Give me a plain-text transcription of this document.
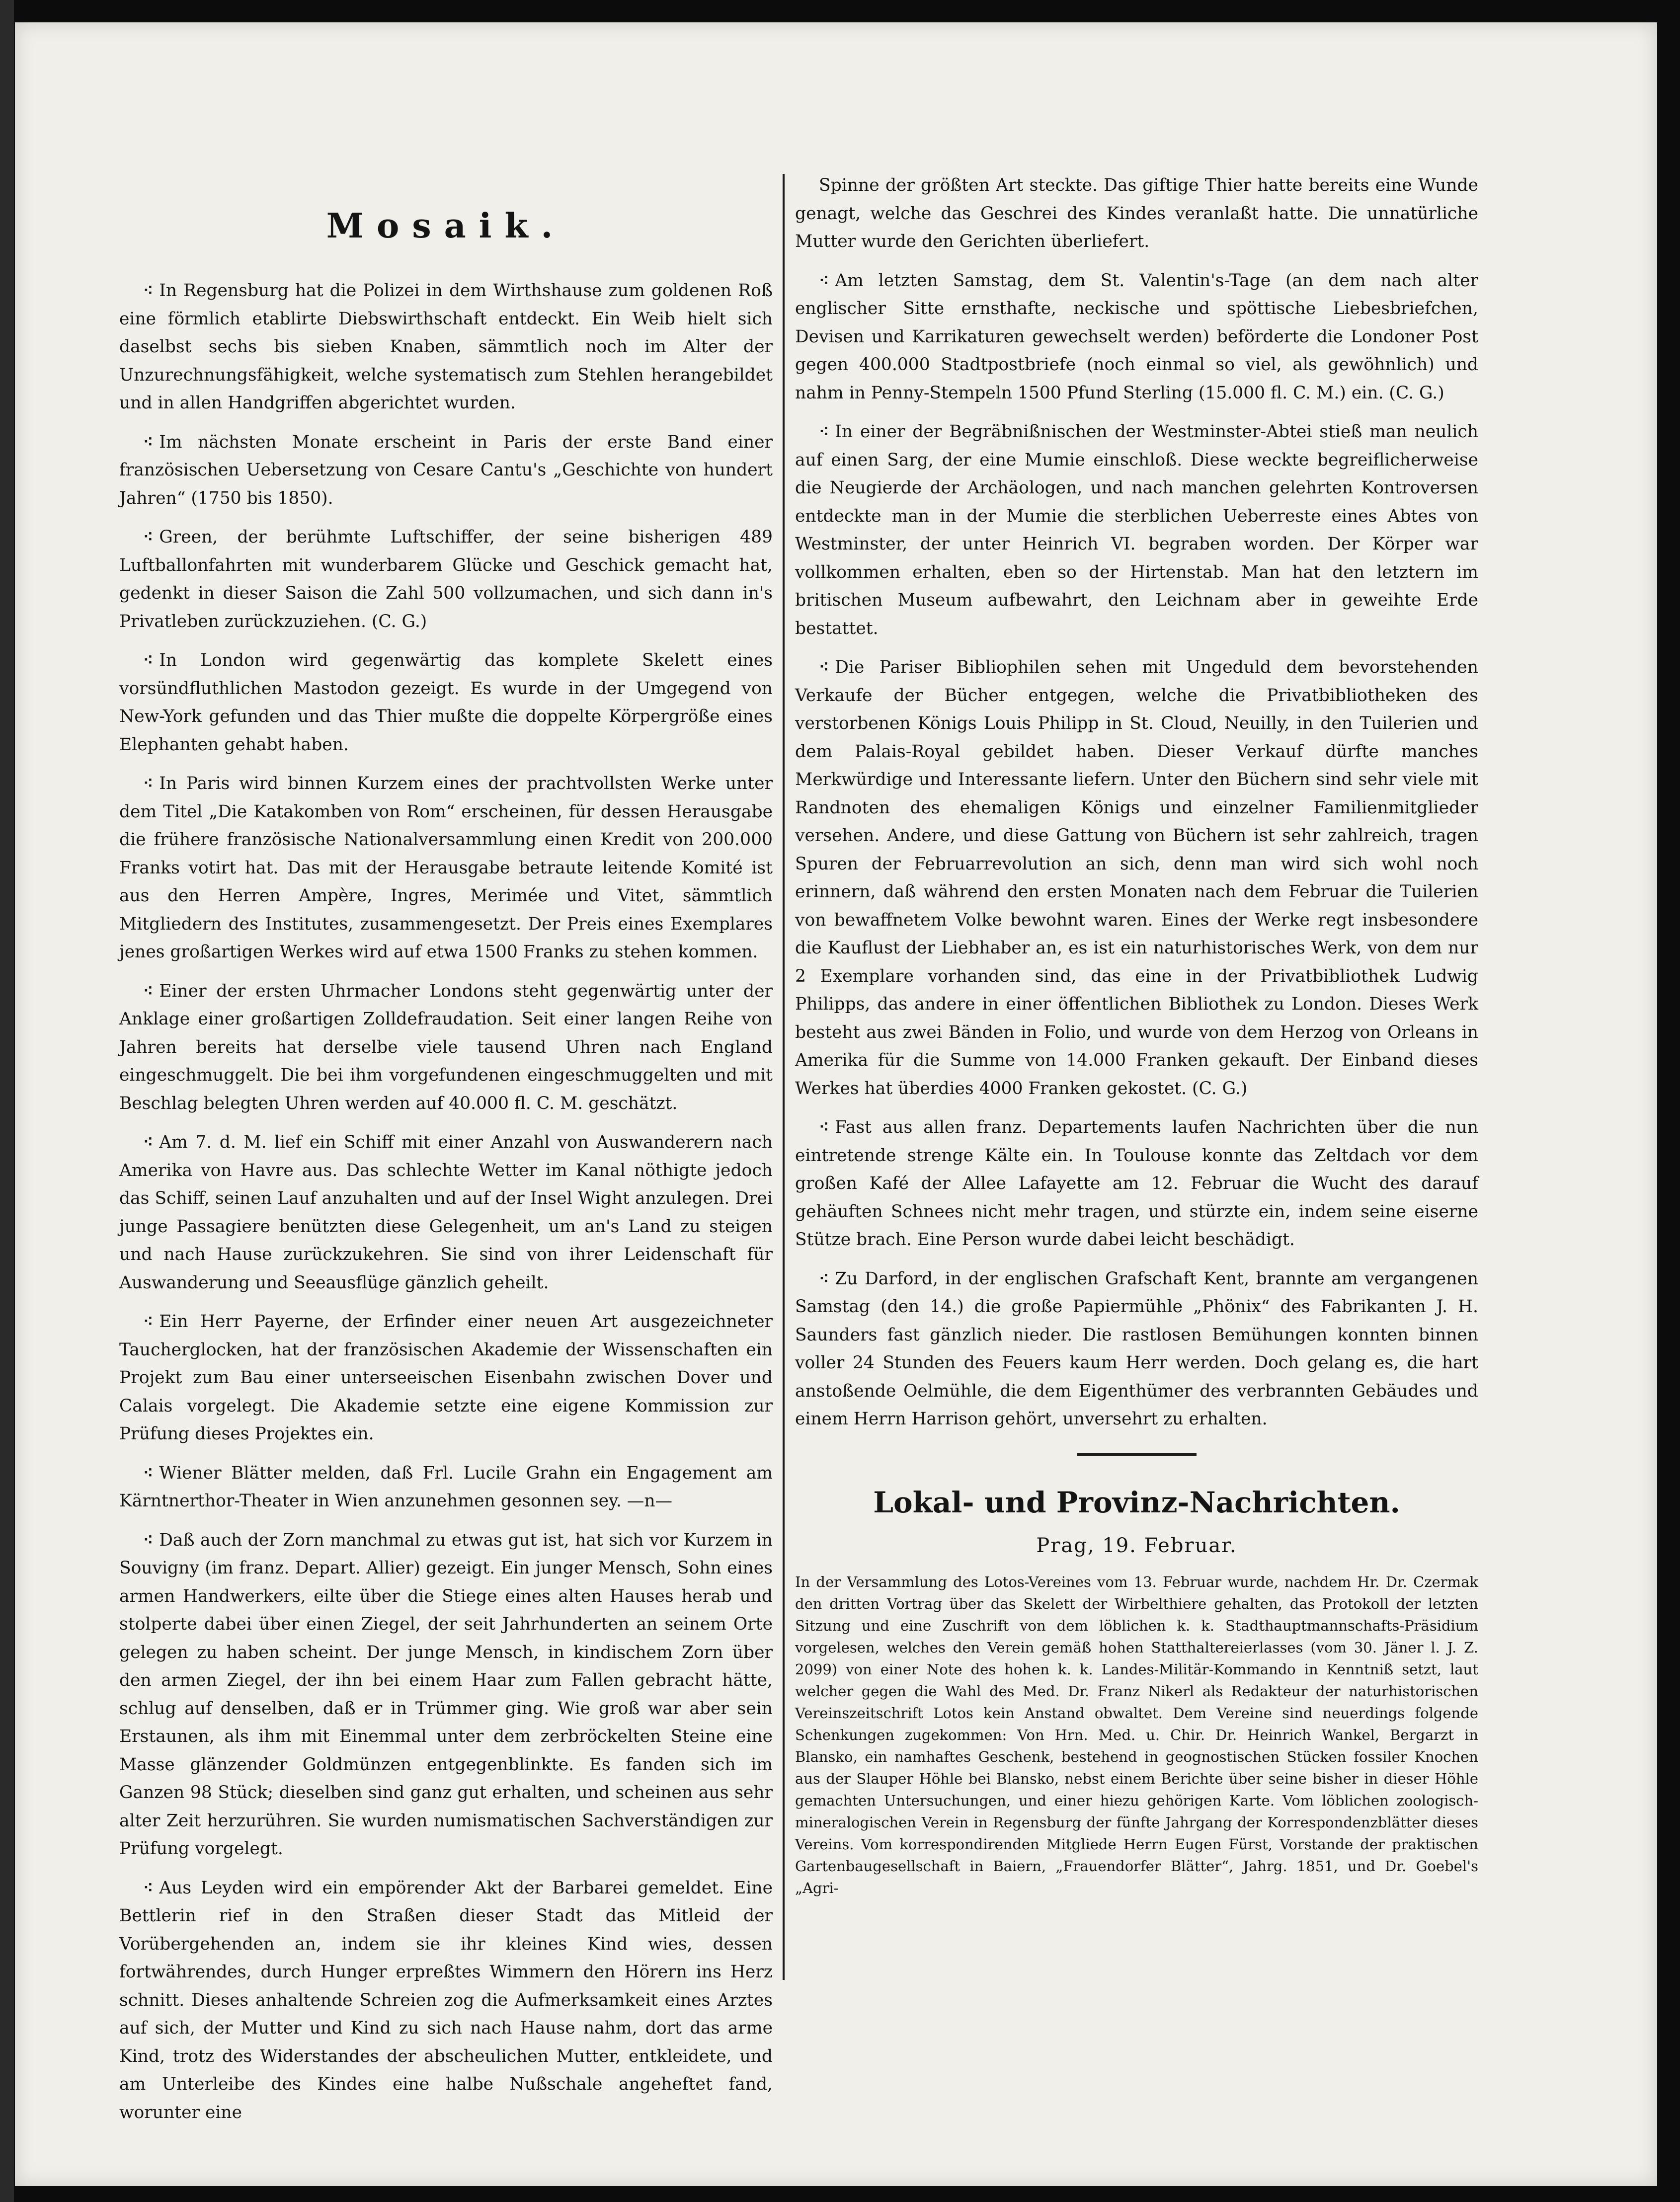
Mosaik.
⁖ In Regensburg hat die Polizei in dem Wirthshause zum goldenen Roß eine förmlich etablirte Diebswirthschaft entdeckt. Ein Weib hielt sich daselbst sechs bis sieben Knaben, sämmtlich noch im Alter der Unzurechnungsfähigkeit, welche systematisch zum Stehlen herangebildet und in allen Handgriffen abgerichtet wurden.
⁖ Im nächsten Monate erscheint in Paris der erste Band einer französischen Uebersetzung von Cesare Cantu's „Geschichte von hundert Jahren“ (1750 bis 1850).
⁖ Green, der berühmte Luftschiffer, der seine bisherigen 489 Luftballonfahrten mit wunderbarem Glücke und Geschick gemacht hat, gedenkt in dieser Saison die Zahl 500 vollzumachen, und sich dann in's Privatleben zurückzuziehen. (C. G.)
⁖ In London wird gegenwärtig das komplete Skelett eines vorsündfluthlichen Mastodon gezeigt. Es wurde in der Umgegend von New-York gefunden und das Thier mußte die doppelte Körpergröße eines Elephanten gehabt haben.
⁖ In Paris wird binnen Kurzem eines der prachtvollsten Werke unter dem Titel „Die Katakomben von Rom“ erscheinen, für dessen Herausgabe die frühere französische Nationalversammlung einen Kredit von 200.000 Franks votirt hat. Das mit der Herausgabe betraute leitende Komité ist aus den Herren Ampère, Ingres, Merimée und Vitet, sämmtlich Mitgliedern des Institutes, zusammengesetzt. Der Preis eines Exemplares jenes großartigen Werkes wird auf etwa 1500 Franks zu stehen kommen.
⁖ Einer der ersten Uhrmacher Londons steht gegenwärtig unter der Anklage einer großartigen Zolldefraudation. Seit einer langen Reihe von Jahren bereits hat derselbe viele tausend Uhren nach England eingeschmuggelt. Die bei ihm vorgefundenen eingeschmuggelten und mit Beschlag belegten Uhren werden auf 40.000 fl. C. M. geschätzt.
⁖ Am 7. d. M. lief ein Schiff mit einer Anzahl von Auswanderern nach Amerika von Havre aus. Das schlechte Wetter im Kanal nöthigte jedoch das Schiff, seinen Lauf anzuhalten und auf der Insel Wight anzulegen. Drei junge Passagiere benützten diese Gelegenheit, um an's Land zu steigen und nach Hause zurückzukehren. Sie sind von ihrer Leidenschaft für Auswanderung und Seeausflüge gänzlich geheilt.
⁖ Ein Herr Payerne, der Erfinder einer neuen Art ausgezeichneter Taucherglocken, hat der französischen Akademie der Wissenschaften ein Projekt zum Bau einer unterseeischen Eisenbahn zwischen Dover und Calais vorgelegt. Die Akademie setzte eine eigene Kommission zur Prüfung dieses Projektes ein.
⁖ Wiener Blätter melden, daß Frl. Lucile Grahn ein Engagement am Kärntnerthor-Theater in Wien anzunehmen gesonnen sey. —n—
⁖ Daß auch der Zorn manchmal zu etwas gut ist, hat sich vor Kurzem in Souvigny (im franz. Depart. Allier) gezeigt. Ein junger Mensch, Sohn eines armen Handwerkers, eilte über die Stiege eines alten Hauses herab und stolperte dabei über einen Ziegel, der seit Jahrhunderten an seinem Orte gelegen zu haben scheint. Der junge Mensch, in kindischem Zorn über den armen Ziegel, der ihn bei einem Haar zum Fallen gebracht hätte, schlug auf denselben, daß er in Trümmer ging. Wie groß war aber sein Erstaunen, als ihm mit Einemmal unter dem zerbröckelten Steine eine Masse glänzender Goldmünzen entgegenblinkte. Es fanden sich im Ganzen 98 Stück; dieselben sind ganz gut erhalten, und scheinen aus sehr alter Zeit herzurühren. Sie wurden numismatischen Sachverständigen zur Prüfung vorgelegt.
⁖ Aus Leyden wird ein empörender Akt der Barbarei gemeldet. Eine Bettlerin rief in den Straßen dieser Stadt das Mitleid der Vorübergehenden an, indem sie ihr kleines Kind wies, dessen fortwährendes, durch Hunger erpreßtes Wimmern den Hörern ins Herz schnitt. Dieses anhaltende Schreien zog die Aufmerksamkeit eines Arztes auf sich, der Mutter und Kind zu sich nach Hause nahm, dort das arme Kind, trotz des Widerstandes der abscheulichen Mutter, entkleidete, und am Unterleibe des Kindes eine halbe Nußschale angeheftet fand, worunter eine
Spinne der größten Art steckte. Das giftige Thier hatte bereits eine Wunde genagt, welche das Geschrei des Kindes veranlaßt hatte. Die unnatürliche Mutter wurde den Gerichten überliefert.
⁖ Am letzten Samstag, dem St. Valentin's-Tage (an dem nach alter englischer Sitte ernsthafte, neckische und spöttische Liebesbriefchen, Devisen und Karrikaturen gewechselt werden) beförderte die Londoner Post gegen 400.000 Stadtpostbriefe (noch einmal so viel, als gewöhnlich) und nahm in Penny-Stempeln 1500 Pfund Sterling (15.000 fl. C. M.) ein. (C. G.)
⁖ In einer der Begräbnißnischen der Westminster-Abtei stieß man neulich auf einen Sarg, der eine Mumie einschloß. Diese weckte begreiflicherweise die Neugierde der Archäologen, und nach manchen gelehrten Kontroversen entdeckte man in der Mumie die sterblichen Ueberreste eines Abtes von Westminster, der unter Heinrich VI. begraben worden. Der Körper war vollkommen erhalten, eben so der Hirtenstab. Man hat den letztern im britischen Museum aufbewahrt, den Leichnam aber in geweihte Erde bestattet.
⁖ Die Pariser Bibliophilen sehen mit Ungeduld dem bevorstehenden Verkaufe der Bücher entgegen, welche die Privatbibliotheken des verstorbenen Königs Louis Philipp in St. Cloud, Neuilly, in den Tuilerien und dem Palais-Royal gebildet haben. Dieser Verkauf dürfte manches Merkwürdige und Interessante liefern. Unter den Büchern sind sehr viele mit Randnoten des ehemaligen Königs und einzelner Familienmitglieder versehen. Andere, und diese Gattung von Büchern ist sehr zahlreich, tragen Spuren der Februarrevolution an sich, denn man wird sich wohl noch erinnern, daß während den ersten Monaten nach dem Februar die Tuilerien von bewaffnetem Volke bewohnt waren. Eines der Werke regt insbesondere die Kauflust der Liebhaber an, es ist ein naturhistorisches Werk, von dem nur 2 Exemplare vorhanden sind, das eine in der Privatbibliothek Ludwig Philipps, das andere in einer öffentlichen Bibliothek zu London. Dieses Werk besteht aus zwei Bänden in Folio, und wurde von dem Herzog von Orleans in Amerika für die Summe von 14.000 Franken gekauft. Der Einband dieses Werkes hat überdies 4000 Franken gekostet. (C. G.)
⁖ Fast aus allen franz. Departements laufen Nachrichten über die nun eintretende strenge Kälte ein. In Toulouse konnte das Zeltdach vor dem großen Kafé der Allee Lafayette am 12. Februar die Wucht des darauf gehäuften Schnees nicht mehr tragen, und stürzte ein, indem seine eiserne Stütze brach. Eine Person wurde dabei leicht beschädigt.
⁖ Zu Darford, in der englischen Grafschaft Kent, brannte am vergangenen Samstag (den 14.) die große Papiermühle „Phönix“ des Fabrikanten J. H. Saunders fast gänzlich nieder. Die rastlosen Bemühungen konnten binnen voller 24 Stunden des Feuers kaum Herr werden. Doch gelang es, die hart anstoßende Oelmühle, die dem Eigenthümer des verbrannten Gebäudes und einem Herrn Harrison gehört, unversehrt zu erhalten.
Lokal- und Provinz-Nachrichten.
Prag, 19. Februar.

In der Versammlung des Lotos-Vereines vom 13. Februar wurde, nachdem Hr. Dr. Czermak den dritten Vortrag über das Skelett der Wirbelthiere gehalten, das Protokoll der letzten Sitzung und eine Zuschrift von dem löblichen k. k. Stadthauptmannschafts-Präsidium vorgelesen, welches den Verein gemäß hohen Statthaltereierlasses (vom 30. Jäner l. J. Z. 2099) von einer Note des hohen k. k. Landes-Militär-Kommando in Kenntniß setzt, laut welcher gegen die Wahl des Med. Dr. Franz Nikerl als Redakteur der naturhistorischen Vereinszeitschrift Lotos kein Anstand obwaltet. Dem Vereine sind neuerdings folgende Schenkungen zugekommen: Von Hrn. Med. u. Chir. Dr. Heinrich Wankel, Bergarzt in Blansko, ein namhaftes Geschenk, bestehend in geognostischen Stücken fossiler Knochen aus der Slauper Höhle bei Blansko, nebst einem Berichte über seine bisher in dieser Höhle gemachten Untersuchungen, und einer hiezu gehörigen Karte. Vom löblichen zoologisch-mineralogischen Verein in Regensburg der fünfte Jahrgang der Korrespondenzblätter dieses Vereins. Vom korrespondirenden Mitgliede Herrn Eugen Fürst, Vorstande der praktischen Gartenbaugesellschaft in Baiern, „Frauendorfer Blätter“, Jahrg. 1851, und Dr. Goebel's „Agri-
